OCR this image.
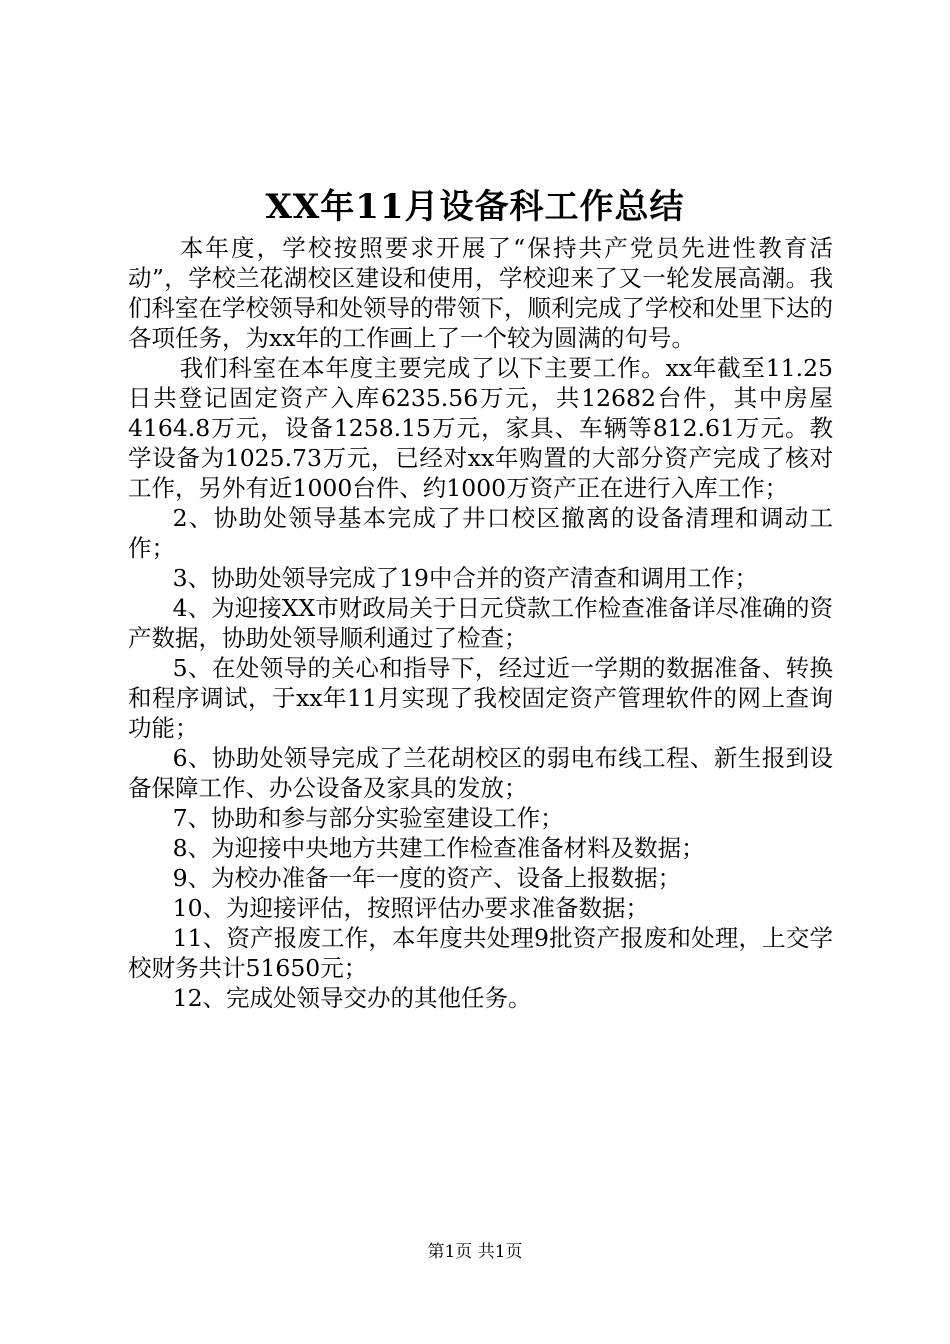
XX年11月设备科工作总结

本年度，学校按照要求开展了“保持共产党员先进性教育活动”，学校兰花湖校区建设和使用，学校迎来了又一轮发展高潮。我们科室在学校领导和处领导的带领下，顺利完成了学校和处里下达的各项任务，为xx年的工作画上了一个较为圆满的句号。

我们科室在本年度主要完成了以下主要工作。xx年截至11.25日共登记固定资产入库6235.56万元，共12682台件，其中房屋4164.8万元，设备1258.15万元，家具、车辆等812.61万元。教学设备为1025.73万元，已经对xx年购置的大部分资产完成了核对工作，另外有近1000台件、约1000万资产正在进行入库工作；

2、协助处领导基本完成了井口校区撤离的设备清理和调动工作；

3、协助处领导完成了19中合并的资产清查和调用工作；

4、为迎接XX市财政局关于日元贷款工作检查准备详尽准确的资产数据，协助处领导顺利通过了检查；

5、在处领导的关心和指导下，经过近一学期的数据准备、转换和程序调试，于xx年11月实现了我校固定资产管理软件的网上查询功能；

6、协助处领导完成了兰花胡校区的弱电布线工程、新生报到设备保障工作、办公设备及家具的发放；

7、协助和参与部分实验室建设工作；

8、为迎接中央地方共建工作检查准备材料及数据；

9、为校办准备一年一度的资产、设备上报数据；

10、为迎接评估，按照评估办要求准备数据；

11、资产报废工作，本年度共处理9批资产报废和处理，上交学校财务共计51650元；

12、完成处领导交办的其他任务。

第1页 共1页
